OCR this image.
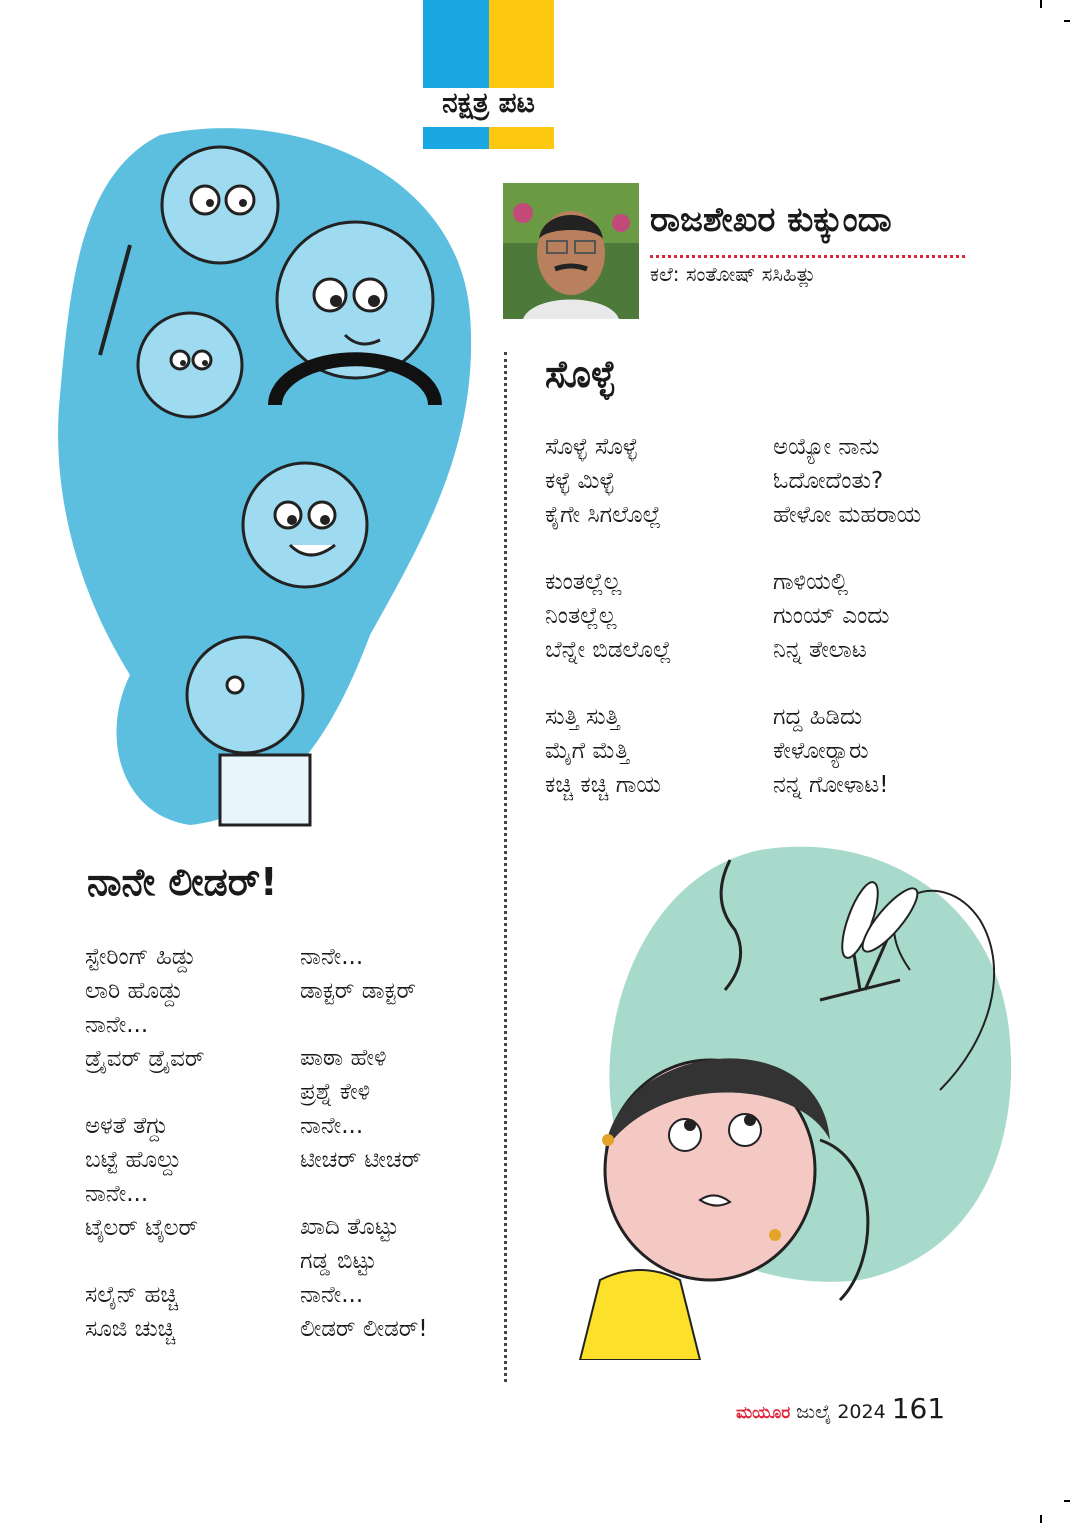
ನಕ್ಷತ್ರ ಪಟ
ರಾಜಶೇಖರ ಕುಕ್ಕುಂದಾ
ಕಲೆ: ಸಂತೋಷ್ ಸಸಿಹಿತ್ಲು
ಸೊಳ್ಳೆ
ಸೊಳ್ಳೆ ಸೊಳ್ಳೆ
ಕಳ್ಳೆ ಮಿಳ್ಳೆ
ಕೈಗೇ ಸಿಗಲೊಲ್ಲೆ
ಕುಂತಲ್ಲೆಲ್ಲ
ನಿಂತಲ್ಲೆಲ್ಲ
ಬೆನ್ನೇ ಬಿಡಲೊಲ್ಲೆ
ಸುತ್ತಿ ಸುತ್ತಿ
ಮೈಗೆ ಮೆತ್ತಿ
ಕಚ್ಚಿ ಕಚ್ಚಿ ಗಾಯ
ಅಯ್ಯೋ ನಾನು
ಓದೋದೆಂತು?
ಹೇಳೋ ಮಹರಾಯ
ಗಾಳಿಯಲ್ಲಿ
ಗುಂಯ್ ಎಂದು
ನಿನ್ನ ತೇಲಾಟ
ಗದ್ದ ಹಿಡಿದು
ಕೇಳೋರ್‍ಯಾರು
ನನ್ನ ಗೋಳಾಟ!
ನಾನೇ ಲೀಡರ್!
ಸ್ಟೇರಿಂಗ್ ಹಿಡ್ದು
ಲಾರಿ ಹೊಡ್ದು
ನಾನೇ...
ಡ್ರೈವರ್ ಡ್ರೈವರ್
ಅಳತೆ ತೆಗ್ದು
ಬಟ್ಟೆ ಹೊಲ್ದು
ನಾನೇ...
ಟೈಲರ್ ಟೈಲರ್
ಸಲೈನ್ ಹಚ್ಚಿ
ಸೂಜಿ ಚುಚ್ಚಿ
ನಾನೇ...
ಡಾಕ್ಟರ್ ಡಾಕ್ಟರ್
ಪಾಠಾ ಹೇಳಿ
ಪ್ರಶ್ನೆ ಕೇಳಿ
ನಾನೇ...
ಟೀಚರ್ ಟೀಚರ್
ಖಾದಿ ತೊಟ್ಟು
ಗಡ್ಡ ಬಿಟ್ಟು
ನಾನೇ...
ಲೀಡರ್ ಲೀಡರ್!
ಮಯೂರ ಜುಲೈ 2024 161
